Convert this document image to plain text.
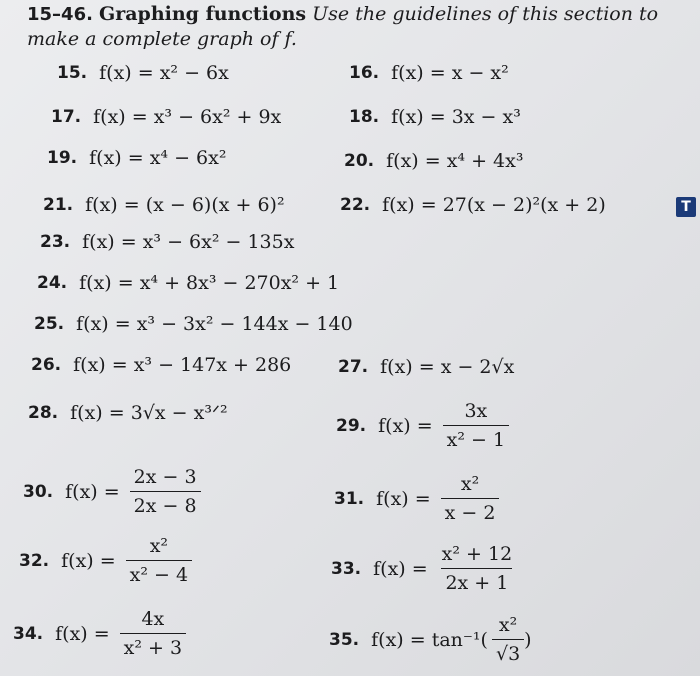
15–46. Graphing functions Use the guidelines of this section to make a complete graph of f.
15. f(x) = x² − 6x	16. f(x) = x − x²
17. f(x) = x³ − 6x² + 9x	18. f(x) = 3x − x³
19. f(x) = x⁴ − 6x²	20. f(x) = x⁴ + 4x³
21. f(x) = (x − 6)(x + 6)²	22. f(x) = 27(x − 2)²(x + 2)	T
23. f(x) = x³ − 6x² − 135x
24. f(x) = x⁴ + 8x³ − 270x² + 1
25. f(x) = x³ − 3x² − 144x − 140
26. f(x) = x³ − 147x + 286	27. f(x) = x − 2√x
28. f(x) = 3√x − x³ᐟ²
29. $f(x) = \frac{3x}{\text{x² − 1}}$
30. $f(x) = \frac{2x - 3}{2x - 8}$	31. $f(x) = \frac{\text{x²}}{x - 2}$
32. $f(x) = \frac{\text{x²}}{\text{x² − 4}}$	33. $f(x) = \frac{\text{x² + 12}}{2x + 1}$
34. $f(x) = \frac{4x}{\text{x² + 3}}$	35. $f(x) = \tan^{-1}( \frac{\text{x²}}{√3}$ )
